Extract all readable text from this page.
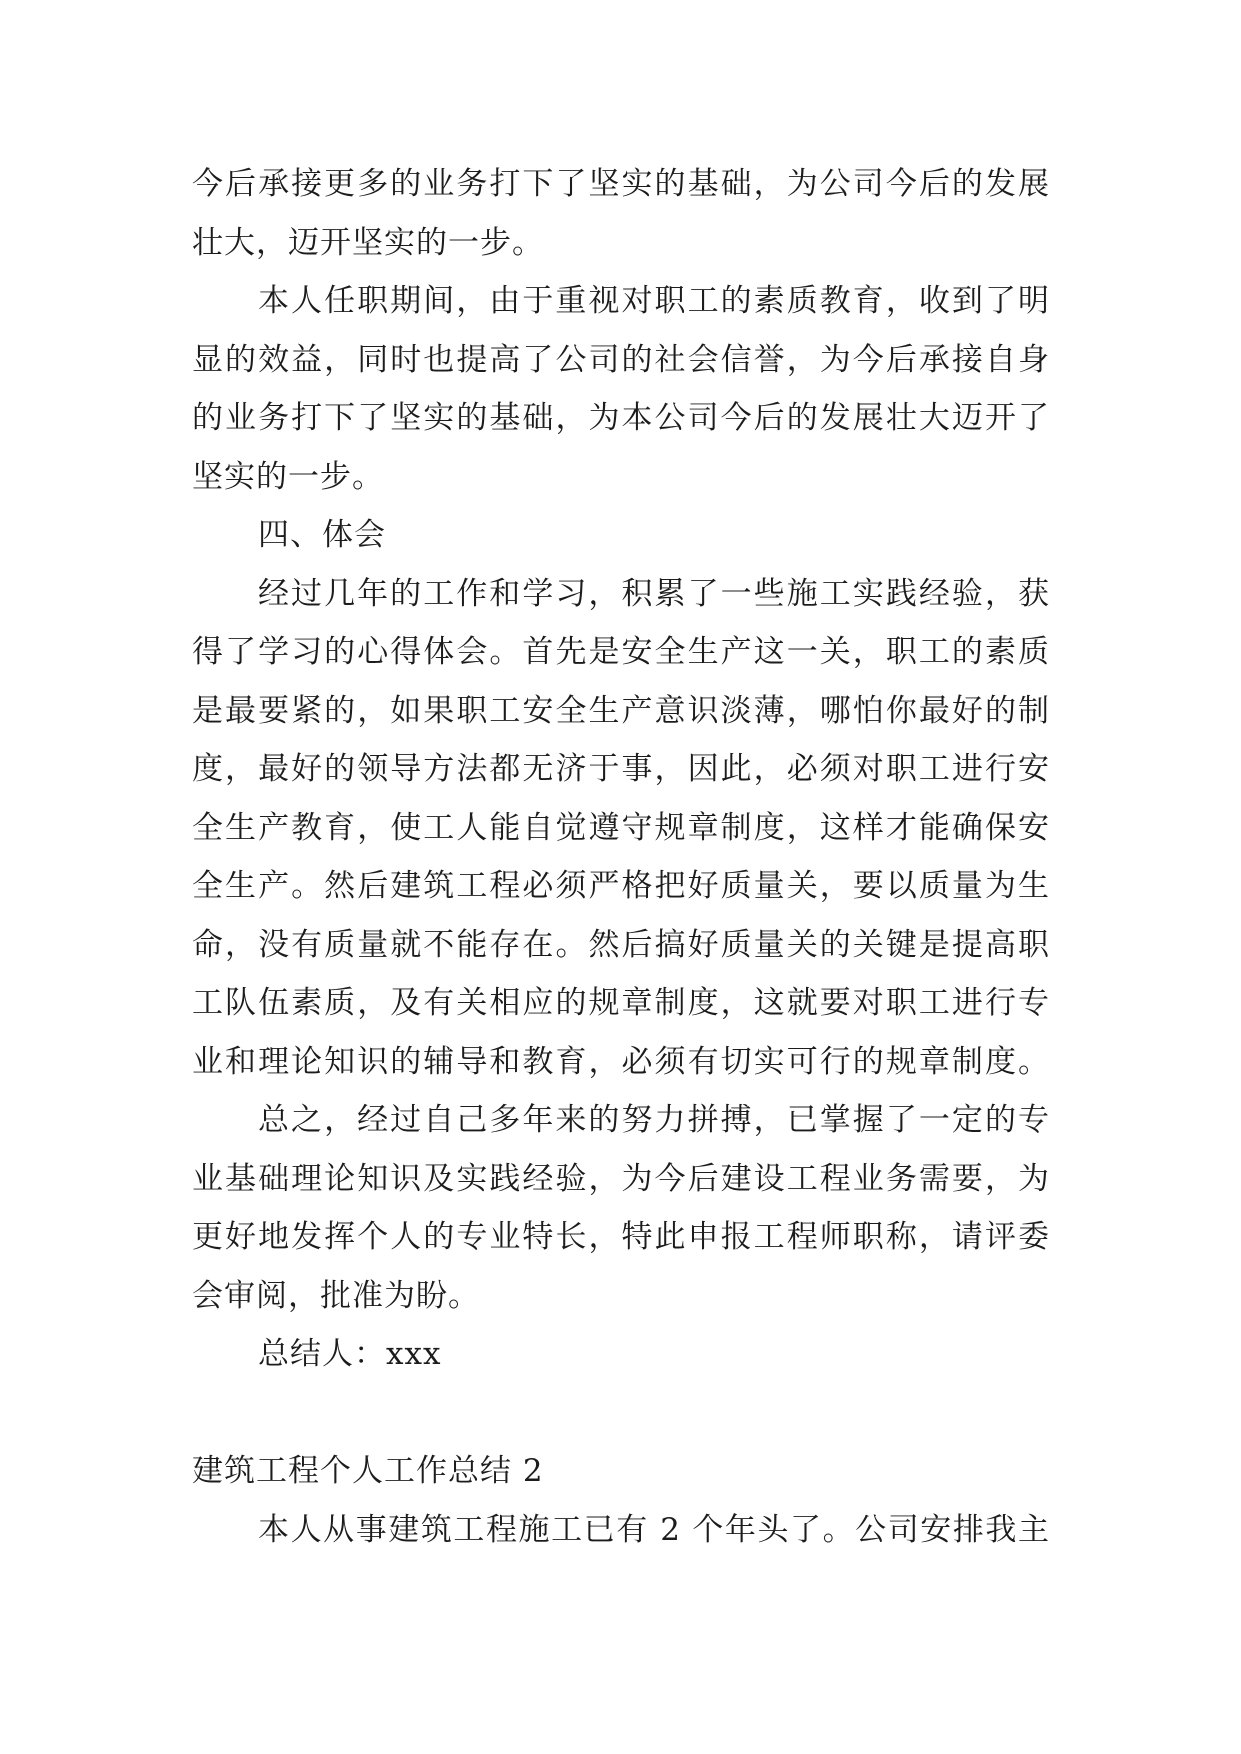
今后承接更多的业务打下了坚实的基础，为公司今后的发展
壮大，迈开坚实的一步。
本人任职期间，由于重视对职工的素质教育，收到了明
显的效益，同时也提高了公司的社会信誉，为今后承接自身
的业务打下了坚实的基础，为本公司今后的发展壮大迈开了
坚实的一步。
四、体会
经过几年的工作和学习，积累了一些施工实践经验，获
得了学习的心得体会。首先是安全生产这一关，职工的素质
是最要紧的，如果职工安全生产意识淡薄，哪怕你最好的制
度，最好的领导方法都无济于事，因此，必须对职工进行安
全生产教育，使工人能自觉遵守规章制度，这样才能确保安
全生产。然后建筑工程必须严格把好质量关，要以质量为生
命，没有质量就不能存在。然后搞好质量关的关键是提高职
工队伍素质，及有关相应的规章制度，这就要对职工进行专
业和理论知识的辅导和教育，必须有切实可行的规章制度。
总之，经过自己多年来的努力拼搏，已掌握了一定的专
业基础理论知识及实践经验，为今后建设工程业务需要，为
更好地发挥个人的专业特长，特此申报工程师职称，请评委
会审阅，批准为盼。
总结人：xxx
建筑工程个人工作总结 2
本人从事建筑工程施工已有 2 个年头了。公司安排我主
